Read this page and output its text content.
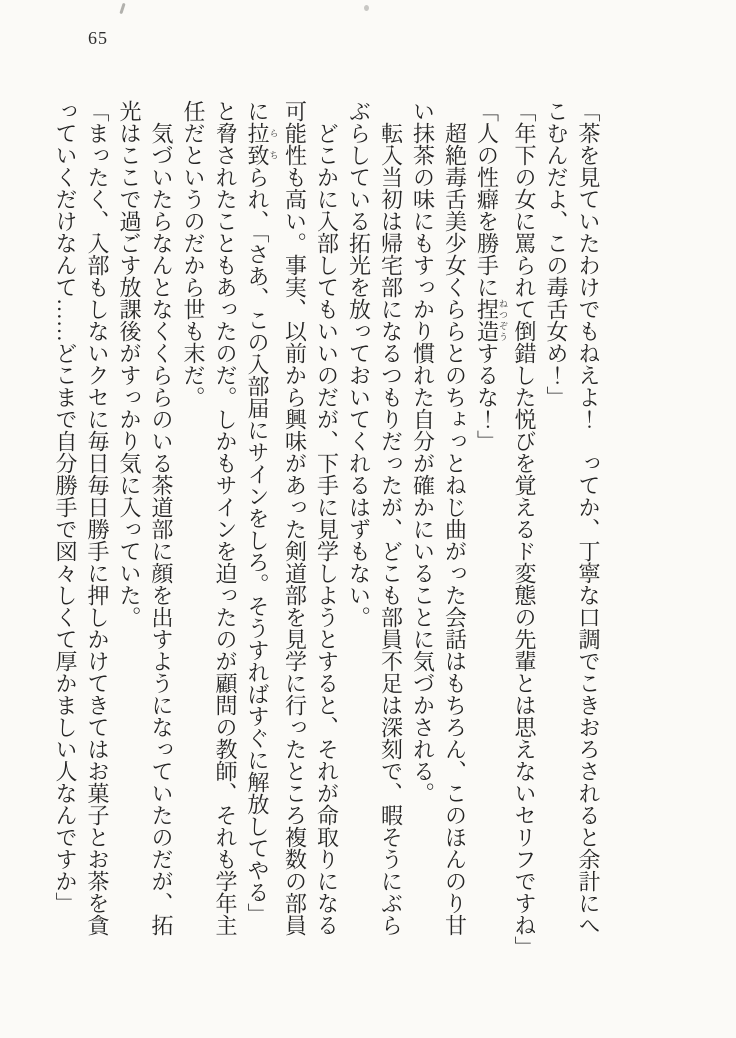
65

「茶を見ていたわけでもねえよ！　ってか、丁寧な口調でこきおろされると余計にへ

こむんだよ、この毒舌女め！」

「年下の女に罵られて倒錯した悦びを覚えるド変態の先輩とは思えないセリフですね」

「人の性癖を勝手に捏造ねつぞうするな！」

超絶毒舌美少女くららとのちょっとねじ曲がった会話はもちろん、このほんのり甘

い抹茶の味にもすっかり慣れた自分が確かにいることに気づかされる。

転入当初は帰宅部になるつもりだったが、どこも部員不足は深刻で、暇そうにぶら

ぶらしている拓光を放っておいてくれるはずもない。

どこかに入部してもいいのだが、下手に見学しようとすると、それが命取りになる

可能性も高い。事実、以前から興味があった剣道部を見学に行ったところ複数の部員

に拉致らちられ、「さあ、この入部届にサインをしろ。そうすればすぐに解放してやる」

と脅されたこともあったのだ。しかもサインを迫ったのが顧問の教師、それも学年主

任だというのだから世も末だ。

気づいたらなんとなくくららのいる茶道部に顔を出すようになっていたのだが、拓

光はここで過ごす放課後がすっかり気に入っていた。

「まったく、入部もしないクセに毎日毎日勝手に押しかけてきてはお菓子とお茶を貪

っていくだけなんて……どこまで自分勝手で図々しくて厚かましい人なんですか」
